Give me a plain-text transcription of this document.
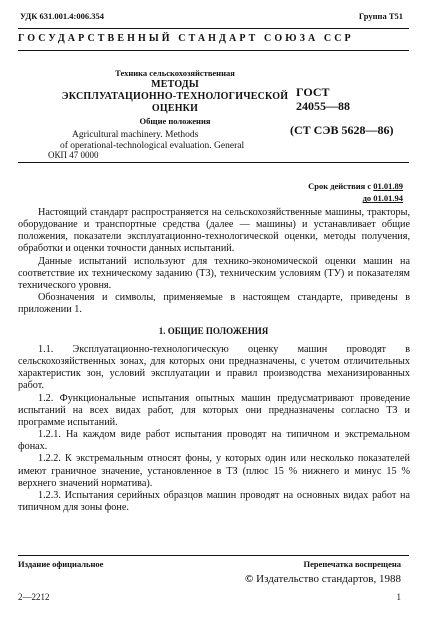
УДК 631.001.4:006.354	Группа Т51
ГОСУДАРСТВЕННЫЙ СТАНДАРТ СОЮЗА ССР
Техника сельскохозяйственная
МЕТОДЫ
ЭКСПЛУАТАЦИОННО-ТЕХНОЛОГИЧЕСКОЙ
ОЦЕНКИ
Общие положения
Agricultural machinery. Methods
of operational-technological evaluation. General
ГОСТ
24055—88
(СТ СЭВ 5628—86)
ОКП 47 0000
Срок действия с 01.01.89
до 01.01.94

Настоящий стандарт распространяется на сельскохозяйственные машины, тракторы, оборудование и транспортные средства (далее — машины) и устанавливает общие положения, показатели эксплуатационно-технологической оценки, методы получения, обработки и оценки точности данных испытаний.

Данные испытаний используют для технико-экономической оценки машин на соответствие их техническому заданию (ТЗ), техническим условиям (ТУ) и показателям технического уровня.

Обозначения и символы, применяемые в настоящем стандарте, приведены в приложении 1.

1. ОБЩИЕ ПОЛОЖЕНИЯ

1.1. Эксплуатационно-технологическую оценку машин проводят в сельскохозяйственных зонах, для которых они предназначены, с учетом отличительных характеристик зон, условий эксплуатации и правил производства механизированных работ.

1.2. Функциональные испытания опытных машин предусматривают проведение испытаний на всех видах работ, для которых они предназначены согласно ТЗ и программе испытаний.

1.2.1. На каждом виде работ испытания проводят на типичном и экстремальном фонах.

1.2.2. К экстремальным относят фоны, у которых один или несколько показателей имеют граничное значение, установленное в ТЗ (плюс 15 % нижнего и минус 15 % верхнего значений норматива).

1.2.3. Испытания серийных образцов машин проводят на основных видах работ на типичном для зоны фоне.

Издание официальное	Перепечатка воспрещена
© Издательство стандартов, 1988
2—2212	1
